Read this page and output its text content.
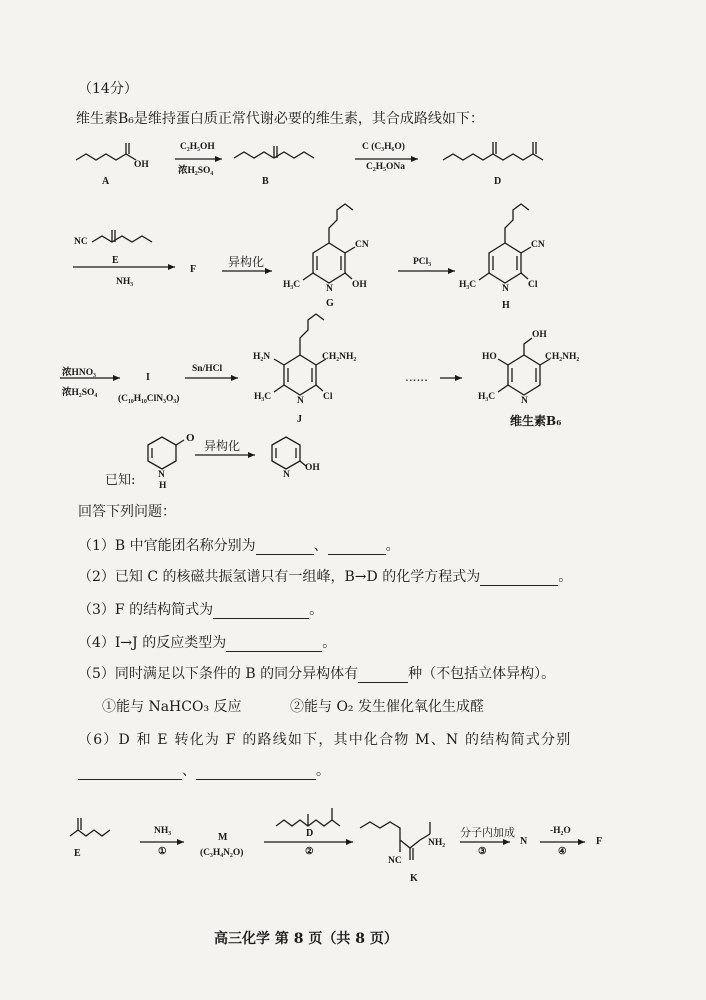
（14分）
维生素B₆是维持蛋白质正常代谢必要的维生素，其合成路线如下：
OH
A
C₂H₅OH
浓H₂SO₄
B
C (C₃H₆O)
C₂H₅ONa
D
NC
E
NH₃
F
异构化
CN
H₃C	N OH
G
PCl₃
CN
H₃C	N Cl
H
浓HNO₃
浓H₂SO₄
I
(C₁₀H₁₀ClN₃O₃)
Sn/HCl
H₂N	CH₂NH₂
H₃C	N Cl
J
......
OH
HO	CH₂NH₂
H₃C	N
维生素B₆
异构化
O
N
H
已知:	N
OH
回答下列问题：
（1）B 中官能团名称分别为	、	。
（2）已知 C 的核磁共振氢谱只有一组峰，B→D 的化学方程式为	。
（3）F 的结构简式为	。
（4）I→J 的反应类型为	。
（5）同时满足以下条件的 B 的同分异构体有	种（不包括立体异构）。
①能与 NaHCO₃ 反应	②能与 O₂ 发生催化氧化生成醛
（6）D 和 E 转化为 F 的路线如下，其中化合物 M、N 的结构简式分别
、	。
E
NH₃
①
M
(C₃H₄N₂O)
D
②
NC
NH₂
K
分子内加成
③
N
-H₂O
④
F
高三化学 第 8 页（共 8 页）
